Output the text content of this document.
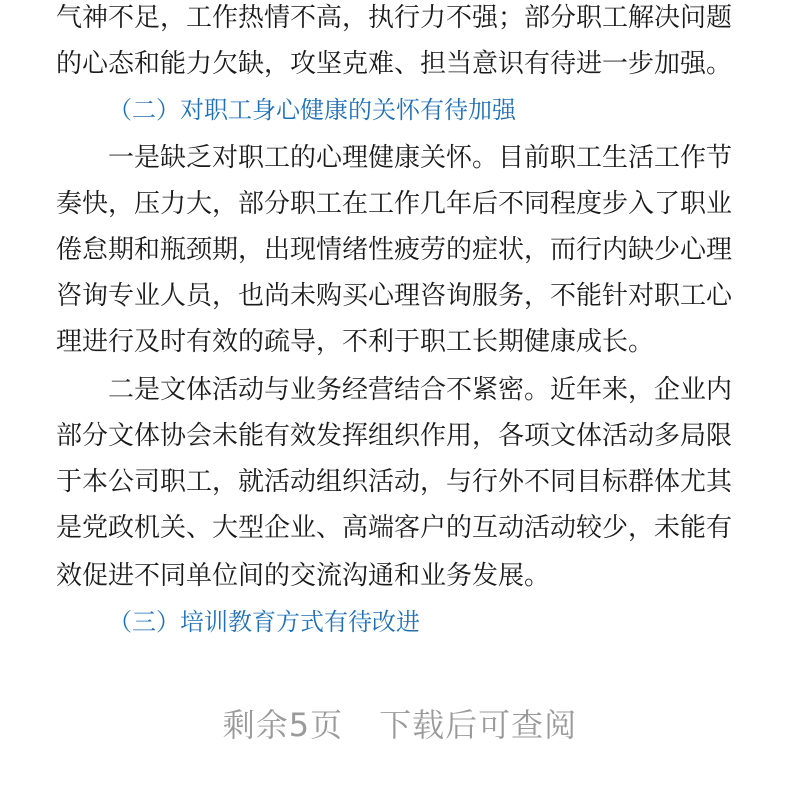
气神不足，工作热情不高，执行力不强；部分职工解决问题
的心态和能力欠缺，攻坚克难、担当意识有待进一步加强。
（二）对职工身心健康的关怀有待加强
一是缺乏对职工的心理健康关怀。目前职工生活工作节
奏快，压力大，部分职工在工作几年后不同程度步入了职业
倦怠期和瓶颈期，出现情绪性疲劳的症状，而行内缺少心理
咨询专业人员，也尚未购买心理咨询服务，不能针对职工心
理进行及时有效的疏导，不利于职工长期健康成长。
二是文体活动与业务经营结合不紧密。近年来，企业内
部分文体协会未能有效发挥组织作用，各项文体活动多局限
于本公司职工，就活动组织活动，与行外不同目标群体尤其
是党政机关、大型企业、高端客户的互动活动较少，未能有
效促进不同单位间的交流沟通和业务发展。
（三）培训教育方式有待改进
剩余5页 下载后可查阅
